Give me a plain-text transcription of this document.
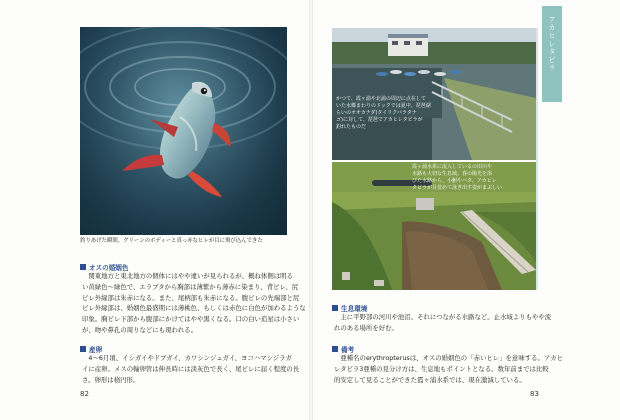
釣りあげた瞬間。グリーンのボディーと真っ赤なヒレが目に飛び込んできた
オスの婚姻色
　関東地方と東北地方の個体にはやや違いが見られるが、概ね体側は明る
い黄緑色〜緑色で、エラブタから胸部は薄紫から薄赤に染まり、背ビレ、尻
ビレ外縁部は朱赤になる。また、尾柄部も朱赤になる。腹ビレの先端部と尻
ビレ外縁部は、婚姻色最盛期には薄桃色、もしくは赤色に白色が加わるような
印象。胸ビレ下部から腹部にかけてはやや黒くなる。口の白い追星は小さい
が、吻や鼻孔の周りなどにも現われる。
産卵
　4〜6月頃、イシガイやドブガイ、カワシンジュガイ、ヨコハマシジラガ
イに産卵。メスの輸卵管は伸長時には淡灰色で長く、尾ビレに届く程度の長
さ。卵形は楕円形。
82
かつて、霞ヶ浦や北浦の周辺に点在して
いた水郷まわりのドックでは夏中、琵琶湖
らいのオオカナダ(タイリクバラタナ
ゴ)に対して、琵琶でアカヒレタビラが
釣れたものだ
霞ヶ浦水系に流入しているの田川や
水路も大切な生息域。春の陽光を浴
びた水路から、小鮒やバタ、アカヒレ
タビラが目覚めて泳ぎ出す姿がまぶしい
アカヒレタビラ
生息環境
　主に平野部の河川や池沼、それにつながる水路など。止水域よりもやや流
れのある場所を好む。
備考
　亜種名のerythropterusは、オスの婚姻色の「赤いヒレ」を意味する。アカヒ
レタビラ3亜種の見分け方は、生息地もポイントとなる。数年前までは比較
的安定して見ることができた霞ヶ浦水系では、現在激減している。
83
